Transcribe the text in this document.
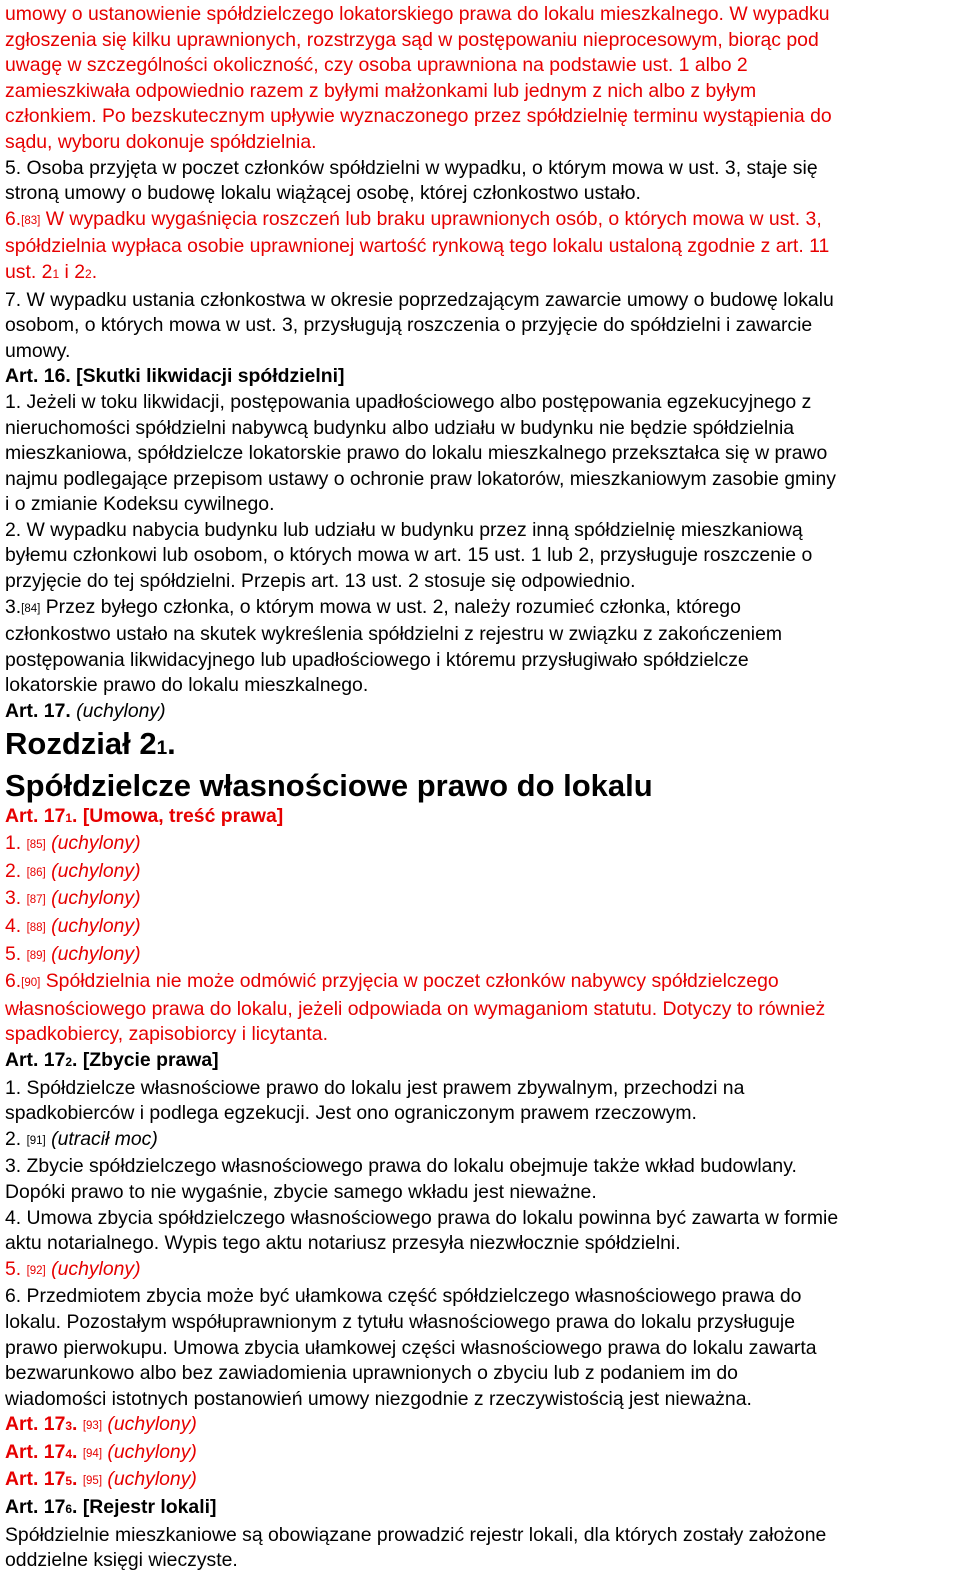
umowy o ustanowienie spółdzielczego lokatorskiego prawa do lokalu mieszkalnego. W wypadku

zgłoszenia się kilku uprawnionych, rozstrzyga sąd w postępowaniu nieprocesowym, biorąc pod

uwagę w szczególności okoliczność, czy osoba uprawniona na podstawie ust. 1 albo 2

zamieszkiwała odpowiednio razem z byłymi małżonkami lub jednym z nich albo z byłym

członkiem. Po bezskutecznym upływie wyznaczonego przez spółdzielnię terminu wystąpienia do

sądu, wyboru dokonuje spółdzielnia.

5. Osoba przyjęta w poczet członków spółdzielni w wypadku, o którym mowa w ust. 3, staje się

stroną umowy o budowę lokalu wiążącej osobę, której członkostwo ustało.

6.[83] W wypadku wygaśnięcia roszczeń lub braku uprawnionych osób, o których mowa w ust. 3,

spółdzielnia wypłaca osobie uprawnionej wartość rynkową tego lokalu ustaloną zgodnie z art. 11

ust. 21 i 22.

7. W wypadku ustania członkostwa w okresie poprzedzającym zawarcie umowy o budowę lokalu

osobom, o których mowa w ust. 3, przysługują roszczenia o przyjęcie do spółdzielni i zawarcie

umowy.

Art. 16. [Skutki likwidacji spółdzielni]

1. Jeżeli w toku likwidacji, postępowania upadłościowego albo postępowania egzekucyjnego z

nieruchomości spółdzielni nabywcą budynku albo udziału w budynku nie będzie spółdzielnia

mieszkaniowa, spółdzielcze lokatorskie prawo do lokalu mieszkalnego przekształca się w prawo

najmu podlegające przepisom ustawy o ochronie praw lokatorów, mieszkaniowym zasobie gminy

i o zmianie Kodeksu cywilnego.

2. W wypadku nabycia budynku lub udziału w budynku przez inną spółdzielnię mieszkaniową

byłemu członkowi lub osobom, o których mowa w art. 15 ust. 1 lub 2, przysługuje roszczenie o

przyjęcie do tej spółdzielni. Przepis art. 13 ust. 2 stosuje się odpowiednio.

3.[84] Przez byłego członka, o którym mowa w ust. 2, należy rozumieć członka, którego

członkostwo ustało na skutek wykreślenia spółdzielni z rejestru w związku z zakończeniem

postępowania likwidacyjnego lub upadłościowego i któremu przysługiwało spółdzielcze

lokatorskie prawo do lokalu mieszkalnego.

Art. 17. (uchylony)

Rozdział 21.

Spółdzielcze własnościowe prawo do lokalu

Art. 171. [Umowa, treść prawa]

1. [85] (uchylony)

2. [86] (uchylony)

3. [87] (uchylony)

4. [88] (uchylony)

5. [89] (uchylony)

6.[90] Spółdzielnia nie może odmówić przyjęcia w poczet członków nabywcy spółdzielczego

własnościowego prawa do lokalu, jeżeli odpowiada on wymaganiom statutu. Dotyczy to również

spadkobiercy, zapisobiorcy i licytanta.

Art. 172. [Zbycie prawa]

1. Spółdzielcze własnościowe prawo do lokalu jest prawem zbywalnym, przechodzi na

spadkobierców i podlega egzekucji. Jest ono ograniczonym prawem rzeczowym.

2. [91] (utracił moc)

3. Zbycie spółdzielczego własnościowego prawa do lokalu obejmuje także wkład budowlany.

Dopóki prawo to nie wygaśnie, zbycie samego wkładu jest nieważne.

4. Umowa zbycia spółdzielczego własnościowego prawa do lokalu powinna być zawarta w formie

aktu notarialnego. Wypis tego aktu notariusz przesyła niezwłocznie spółdzielni.

5. [92] (uchylony)

6. Przedmiotem zbycia może być ułamkowa część spółdzielczego własnościowego prawa do

lokalu. Pozostałym współuprawnionym z tytułu własnościowego prawa do lokalu przysługuje

prawo pierwokupu. Umowa zbycia ułamkowej części własnościowego prawa do lokalu zawarta

bezwarunkowo albo bez zawiadomienia uprawnionych o zbyciu lub z podaniem im do

wiadomości istotnych postanowień umowy niezgodnie z rzeczywistością jest nieważna.

Art. 173. [93] (uchylony)

Art. 174. [94] (uchylony)

Art. 175. [95] (uchylony)

Art. 176. [Rejestr lokali]

Spółdzielnie mieszkaniowe są obowiązane prowadzić rejestr lokali, dla których zostały założone

oddzielne księgi wieczyste.
